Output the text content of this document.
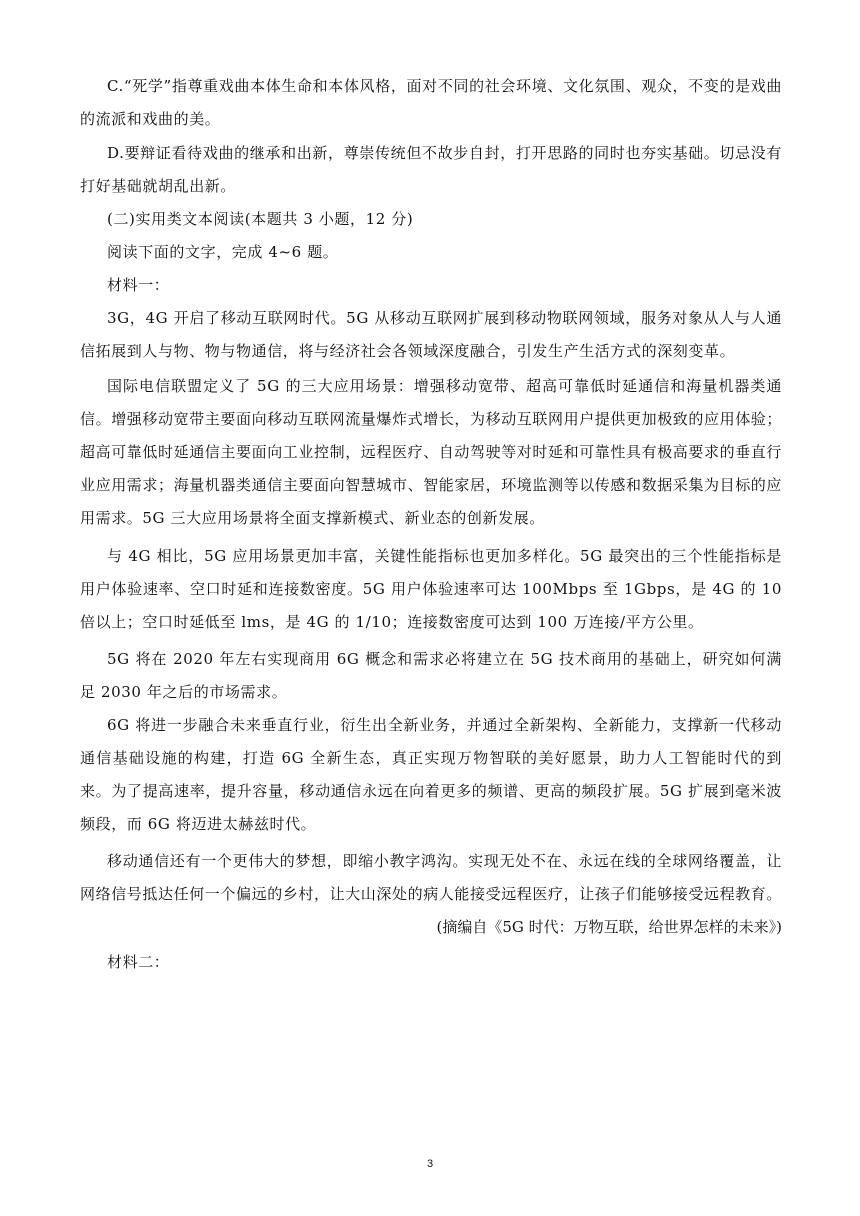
C.“死学”指尊重戏曲本体生命和本体风格，面对不同的社会环境、文化氛围、观众，不变的是戏曲的流派和戏曲的美。

D.要辩证看待戏曲的继承和出新，尊崇传统但不故步自封，打开思路的同时也夯实基础。切忌没有打好基础就胡乱出新。

(二)实用类文本阅读(本题共 3 小题，12 分)

阅读下面的文字，完成 4~6 题。

材料一：

3G，4G 开启了移动互联网时代。5G 从移动互联网扩展到移动物联网领域，服务对象从人与人通信拓展到人与物、物与物通信，将与经济社会各领域深度融合，引发生产生活方式的深刻变革。

国际电信联盟定义了 5G 的三大应用场景：增强移动宽带、超高可靠低时延通信和海量机器类通信。增强移动宽带主要面向移动互联网流量爆炸式增长，为移动互联网用户提供更加极致的应用体验；超高可靠低时延通信主要面向工业控制，远程医疗、自动驾驶等对时延和可靠性具有极高要求的垂直行业应用需求；海量机器类通信主要面向智慧城市、智能家居，环境监测等以传感和数据采集为目标的应用需求。5G 三大应用场景将全面支撑新模式、新业态的创新发展。

与 4G 相比，5G 应用场景更加丰富，关键性能指标也更加多样化。5G 最突出的三个性能指标是用户体验速率、空口时延和连接数密度。5G 用户体验速率可达 100Mbps 至 1Gbps，是 4G 的 10 倍以上；空口时延低至 lms，是 4G 的 1/10；连接数密度可达到 100 万连接/平方公里。

5G 将在 2020 年左右实现商用 6G 概念和需求必将建立在 5G 技术商用的基础上，研究如何满足 2030 年之后的市场需求。

6G 将进一步融合未来垂直行业，衍生出全新业务，并通过全新架构、全新能力，支撑新一代移动通信基础设施的构建，打造 6G 全新生态，真正实现万物智联的美好愿景，助力人工智能时代的到来。为了提高速率，提升容量，移动通信永远在向着更多的频谱、更高的频段扩展。5G 扩展到毫米波频段，而 6G 将迈进太赫兹时代。

移动通信还有一个更伟大的梦想，即缩小教字鸿沟。实现无处不在、永远在线的全球网络覆盖，让网络信号抵达任何一个偏远的乡村，让大山深处的病人能接受远程医疗，让孩子们能够接受远程教育。

(摘编自《5G 时代：万物互联，给世界怎样的未来》)

材料二：

3
